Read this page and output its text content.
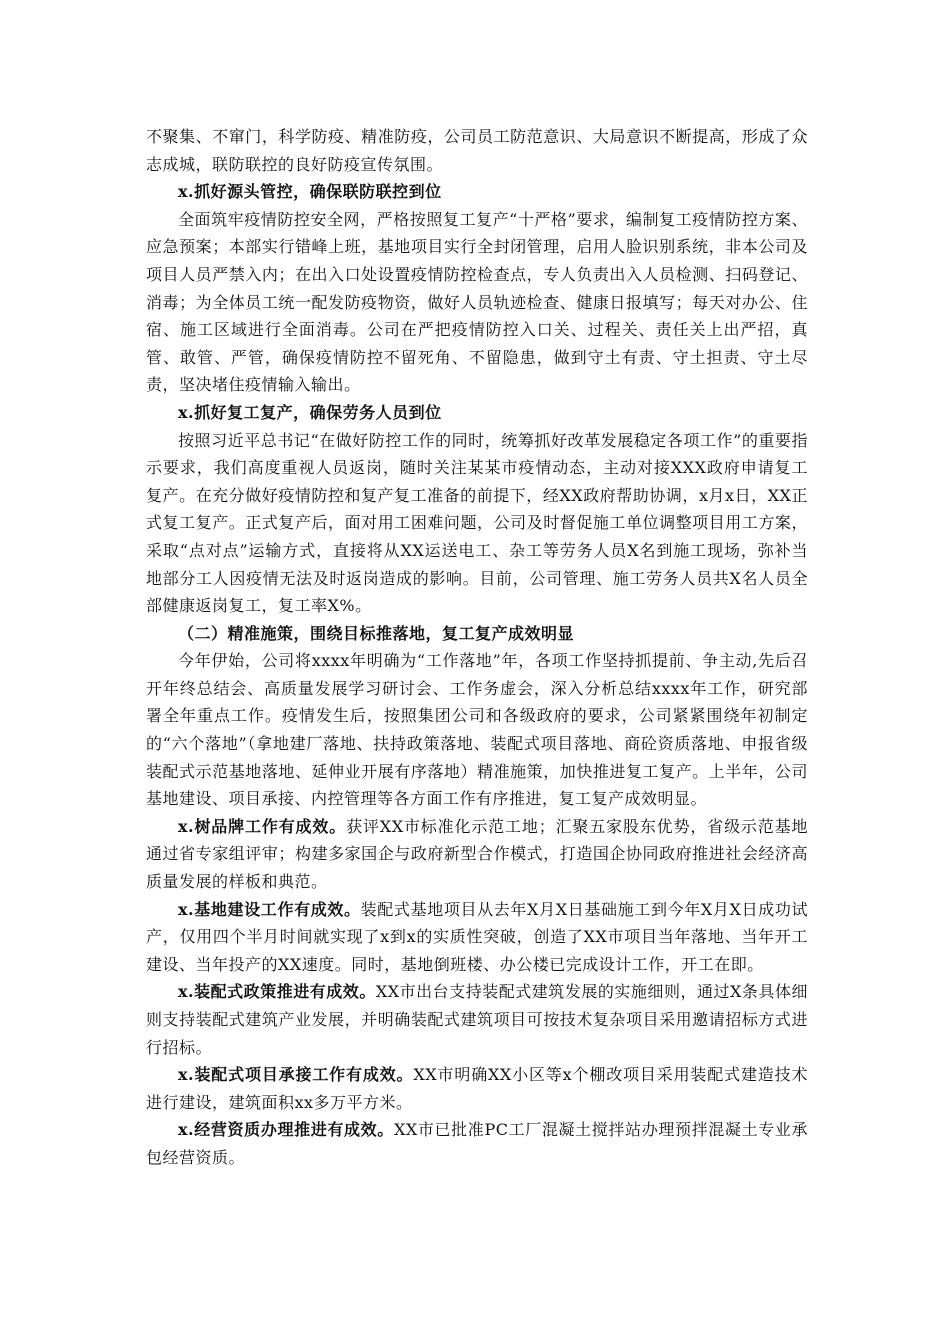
不聚集、不窜门，科学防疫、精准防疫，公司员工防范意识、大局意识不断提高，形成了众志成城，联防联控的良好防疫宣传氛围。

x.抓好源头管控，确保联防联控到位

全面筑牢疫情防控安全网，严格按照复工复产“十严格”要求，编制复工疫情防控方案、应急预案；本部实行错峰上班，基地项目实行全封闭管理，启用人脸识别系统，非本公司及项目人员严禁入内；在出入口处设置疫情防控检查点，专人负责出入人员检测、扫码登记、消毒；为全体员工统一配发防疫物资，做好人员轨迹检查、健康日报填写；每天对办公、住宿、施工区域进行全面消毒。公司在严把疫情防控入口关、过程关、责任关上出严招，真管、敢管、严管，确保疫情防控不留死角、不留隐患，做到守土有责、守土担责、守土尽责，坚决堵住疫情输入输出。

x.抓好复工复产，确保劳务人员到位

按照习近平总书记“在做好防控工作的同时，统筹抓好改革发展稳定各项工作”的重要指示要求，我们高度重视人员返岗，随时关注某某市疫情动态，主动对接XXX政府申请复工复产。在充分做好疫情防控和复产复工准备的前提下，经XX政府帮助协调，x月x日，XX正式复工复产。正式复产后，面对用工困难问题，公司及时督促施工单位调整项目用工方案，采取“点对点”运输方式，直接将从XX运送电工、杂工等劳务人员X名到施工现场，弥补当地部分工人因疫情无法及时返岗造成的影响。目前，公司管理、施工劳务人员共X名人员全部健康返岗复工，复工率X%。

（二）精准施策，围绕目标推落地，复工复产成效明显

今年伊始，公司将xxxx年明确为“工作落地”年，各项工作坚持抓提前、争主动,先后召开年终总结会、高质量发展学习研讨会、工作务虚会，深入分析总结xxxx年工作，研究部署全年重点工作。疫情发生后，按照集团公司和各级政府的要求，公司紧紧围绕年初制定的“六个落地”（拿地建厂落地、扶持政策落地、装配式项目落地、商砼资质落地、申报省级装配式示范基地落地、延伸业开展有序落地）精准施策，加快推进复工复产。上半年，公司基地建设、项目承接、内控管理等各方面工作有序推进，复工复产成效明显。

x.树品牌工作有成效。获评XX市标准化示范工地；汇聚五家股东优势，省级示范基地通过省专家组评审；构建多家国企与政府新型合作模式，打造国企协同政府推进社会经济高质量发展的样板和典范。

x.基地建设工作有成效。装配式基地项目从去年X月X日基础施工到今年X月X日成功试产，仅用四个半月时间就实现了x到x的实质性突破，创造了XX市项目当年落地、当年开工建设、当年投产的XX速度。同时，基地倒班楼、办公楼已完成设计工作，开工在即。

x.装配式政策推进有成效。XX市出台支持装配式建筑发展的实施细则，通过X条具体细则支持装配式建筑产业发展，并明确装配式建筑项目可按技术复杂项目采用邀请招标方式进行招标。

x.装配式项目承接工作有成效。XX市明确XX小区等x个棚改项目采用装配式建造技术进行建设，建筑面积xx多万平方米。

x.经营资质办理推进有成效。XX市已批准PC工厂混凝土搅拌站办理预拌混凝土专业承包经营资质。
